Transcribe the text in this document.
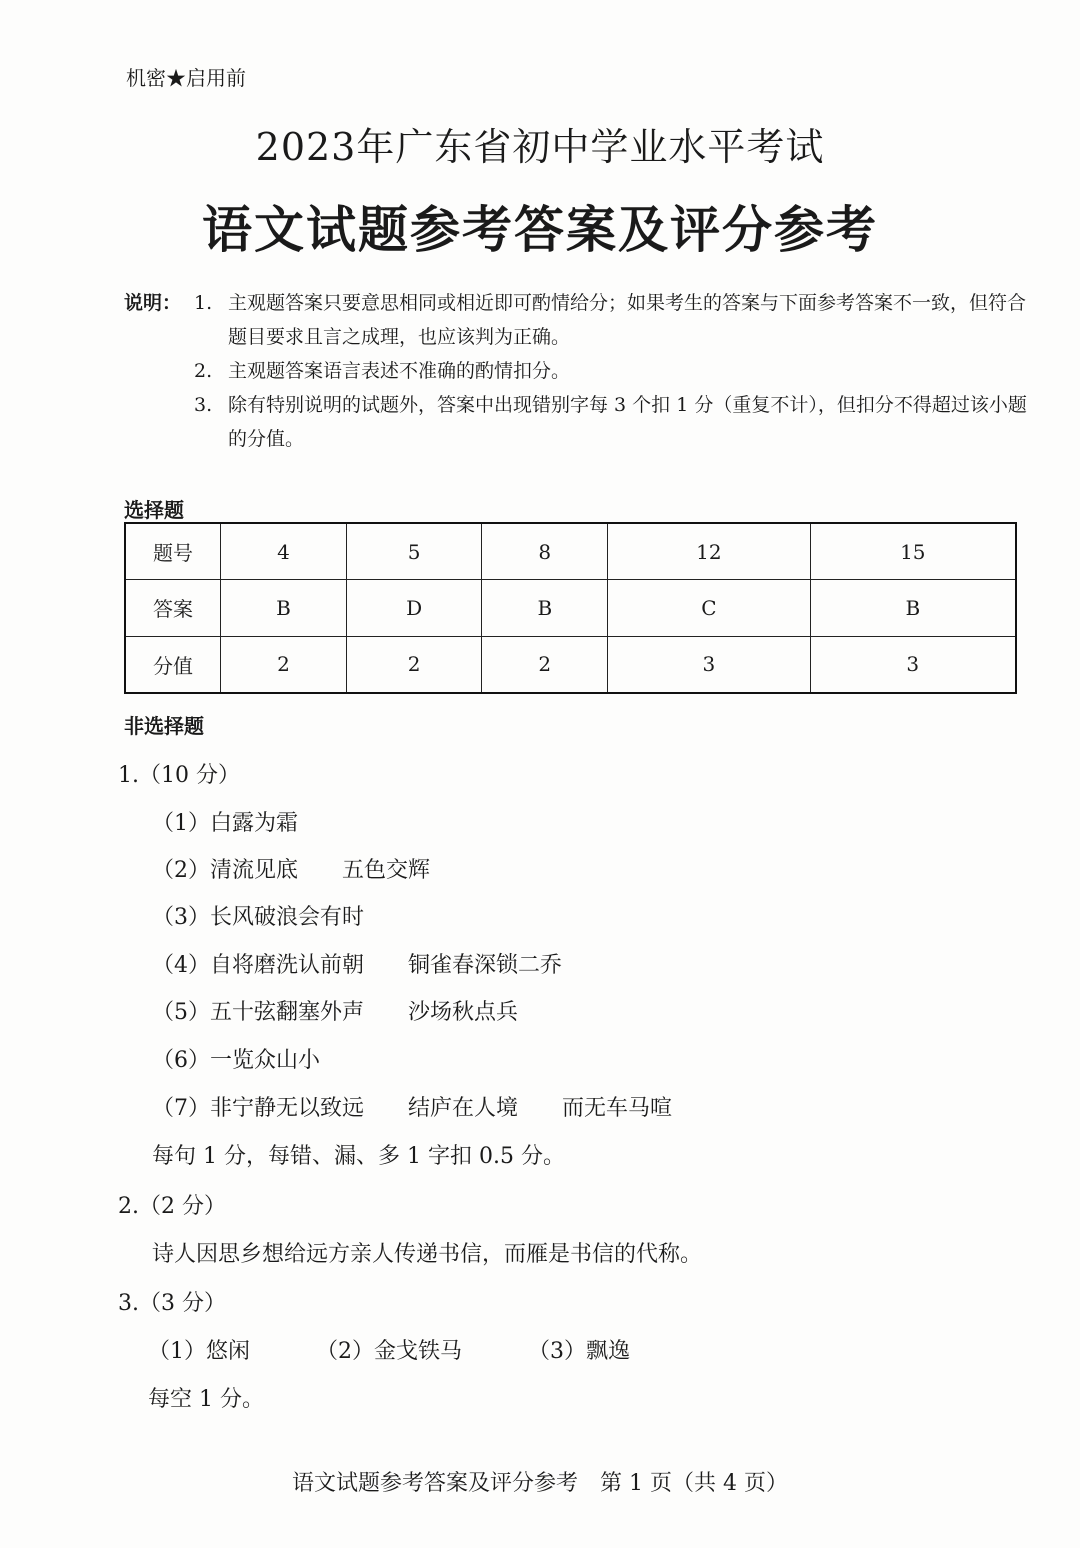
机密★启用前
2023年广东省初中学业水平考试
语文试题参考答案及评分参考
说明： 1. 主观题答案只要意思相同或相近即可酌情给分；如果考生的答案与下面参考答案不一致，但符合题目要求且言之成理，也应该判为正确。
2. 主观题答案语言表述不准确的酌情扣分。
3. 除有特别说明的试题外，答案中出现错别字每 3 个扣 1 分（重复不计），但扣分不得超过该小题的分值。
选择题
题号	4	5	8	12	15
答案	B	D	B	C	B
分值	2	2	2	3	3
非选择题
1.（10 分）
（1）白露为霜
（2）清流见底 五色交辉
（3）长风破浪会有时
（4）自将磨洗认前朝 铜雀春深锁二乔
（5）五十弦翻塞外声 沙场秋点兵
（6）一览众山小
（7）非宁静无以致远 结庐在人境 而无车马喧
每句 1 分，每错、漏、多 1 字扣 0.5 分。
2.（2 分）
诗人因思乡想给远方亲人传递书信，而雁是书信的代称。
3.（3 分）
（1）悠闲	（2）金戈铁马	（3）飘逸
每空 1 分。
语文试题参考答案及评分参考　第 1 页（共 4 页）
